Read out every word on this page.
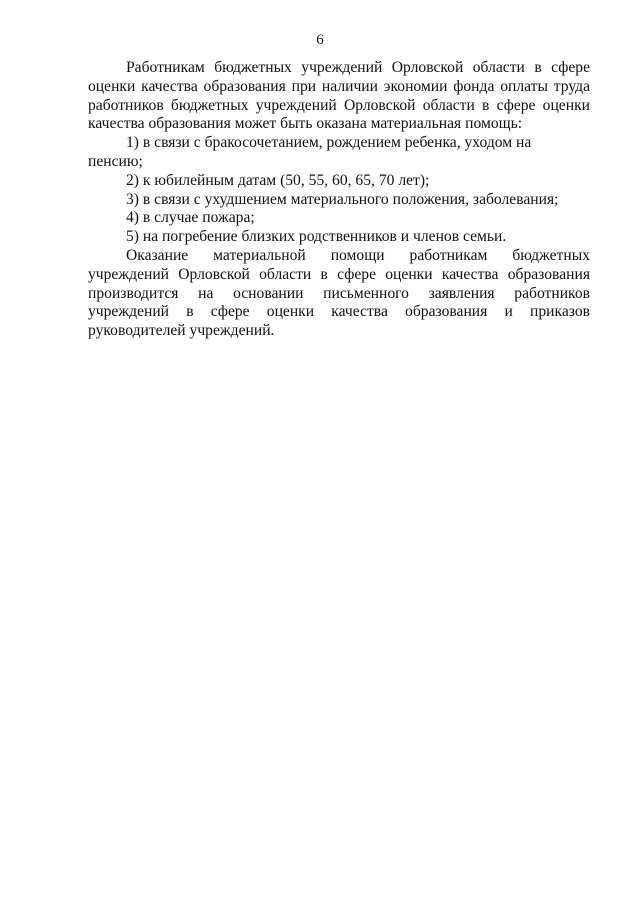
6

Работникам бюджетных учреждений Орловской области в сфере оценки качества образования при наличии экономии фонда оплаты труда работников бюджетных учреждений Орловской области в сфере оценки качества образования может быть оказана материальная помощь:

1) в связи с бракосочетанием, рождением ребенка, уходом на пенсию;

2) к юбилейным датам (50, 55, 60, 65, 70 лет);

3) в связи с ухудшением материального положения, заболевания;

4) в случае пожара;

5) на погребение близких родственников и членов семьи.

Оказание материальной помощи работникам бюджетных учреждений Орловской области в сфере оценки качества образования производится на основании письменного заявления работников учреждений в сфере оценки качества образования и приказов руководителей учреждений.
